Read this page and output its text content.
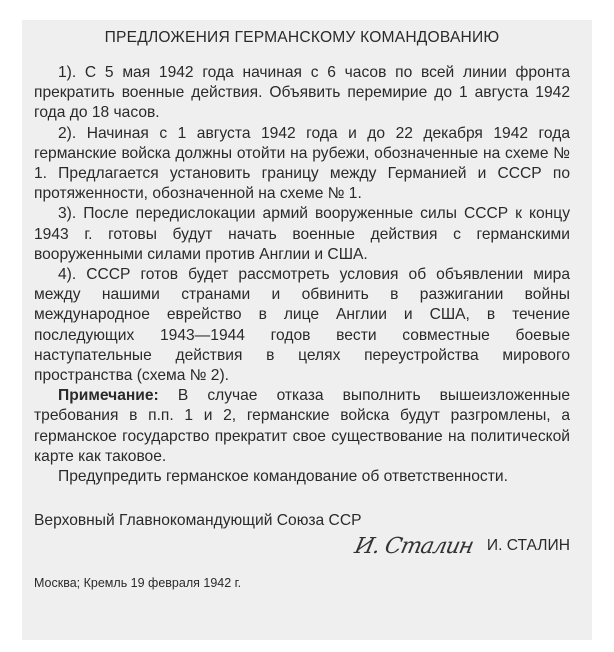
ПРЕДЛОЖЕНИЯ ГЕРМАНСКОМУ КОМАНДОВАНИЮ

1). С 5 мая 1942 года начиная с 6 часов по всей линии фронта прекратить военные действия. Объявить перемирие до 1 августа 1942 года до 18 часов.

2). Начиная с 1 августа 1942 года и до 22 декабря 1942 года германские войска должны отойти на рубежи, обозначенные на схеме № 1. Предлагается установить границу между Германией и СССР по протяженности, обозначенной на схеме № 1.

3). После передислокации армий вооруженные силы СССР к концу 1943 г. готовы будут начать военные действия с германскими вооруженными силами против Англии и США.

4). СССР готов будет рассмотреть условия об объявлении мира между нашими странами и обвинить в разжигании войны международное еврейство в лице Англии и США, в течение последующих 1943—1944 годов вести совместные боевые наступательные действия в целях переустройства мирового пространства (схема № 2).

Примечание: В случае отказа выполнить вышеизложенные требования в п.п. 1 и 2, германские войска будут разгромлены, а германское государство прекратит свое существование на политической карте как таковое.

Предупредить германское командование об ответственности.

Верховный Главнокомандующий Союза ССР

И. Сталин И. СТАЛИН
Москва; Кремль 19 февраля 1942 г.
